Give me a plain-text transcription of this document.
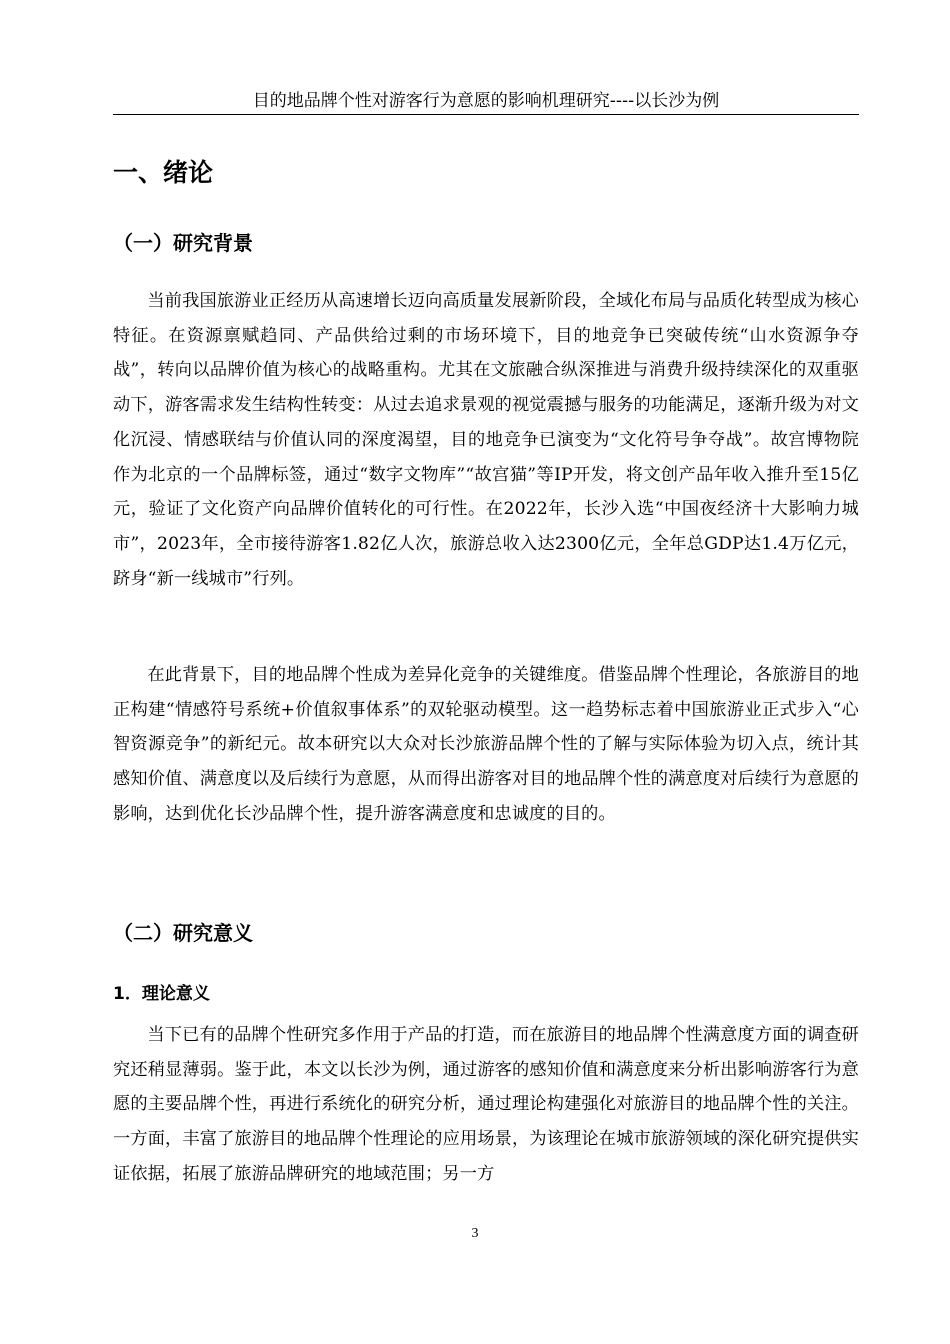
目的地品牌个性对游客行为意愿的影响机理研究----以长沙为例
一、绪论
（一）研究背景

当前我国旅游业正经历从高速增长迈向高质量发展新阶段，全域化布局与品质化转型成为核心特征。在资源禀赋趋同、产品供给过剩的市场环境下，目的地竞争已突破传统“山水资源争夺战”，转向以品牌价值为核心的战略重构。尤其在文旅融合纵深推进与消费升级持续深化的双重驱动下，游客需求发生结构性转变：从过去追求景观的视觉震撼与服务的功能满足，逐渐升级为对文化沉浸、情感联结与价值认同的深度渴望，目的地竞争已演变为“文化符号争夺战”。故宫博物院作为北京的一个品牌标签，通过“数字文物库”“故宫猫”等IP开发，将文创产品年收入推升至15亿元，验证了文化资产向品牌价值转化的可行性。在2022年，长沙入选“中国夜经济十大影响力城市”，2023年，全市接待游客1.82亿人次，旅游总收入达2300亿元，全年总GDP达1.4万亿元，跻身“新一线城市”行列。

在此背景下，目的地品牌个性成为差异化竞争的关键维度。借鉴品牌个性理论，各旅游目的地正构建“情感符号系统+价值叙事体系”的双轮驱动模型。这一趋势标志着中国旅游业正式步入“心智资源竞争”的新纪元。故本研究以大众对长沙旅游品牌个性的了解与实际体验为切入点，统计其感知价值、满意度以及后续行为意愿，从而得出游客对目的地品牌个性的满意度对后续行为意愿的影响，达到优化长沙品牌个性，提升游客满意度和忠诚度的目的。

（二）研究意义
1．理论意义

当下已有的品牌个性研究多作用于产品的打造，而在旅游目的地品牌个性满意度方面的调查研究还稍显薄弱。鉴于此，本文以长沙为例，通过游客的感知价值和满意度来分析出影响游客行为意愿的主要品牌个性，再进行系统化的研究分析，通过理论构建强化对旅游目的地品牌个性的关注。一方面，丰富了旅游目的地品牌个性理论的应用场景，为该理论在城市旅游领域的深化研究提供实证依据，拓展了旅游品牌研究的地域范围；另一方

3
